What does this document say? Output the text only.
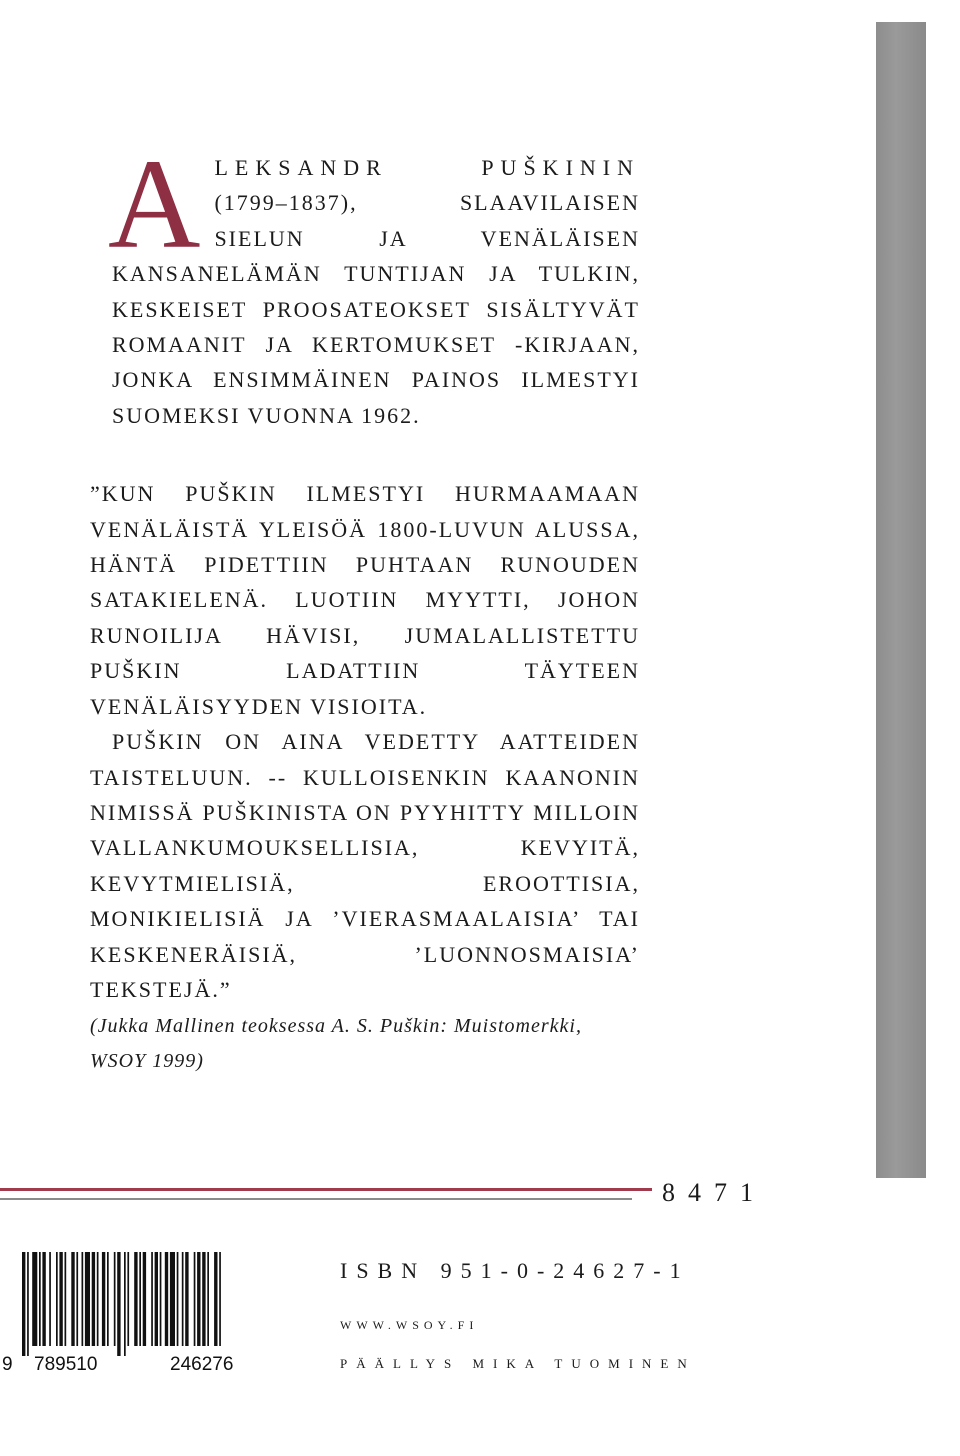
A LEKSANDR PUŠKININ (1799–1837), SLAAVILAISEN SIELUN JA VENÄLÄISEN KANSANELÄMÄN TUNTIJAN JA TULKIN, KESKEISET PROOSATEOKSET SISÄLTYVÄT ROMAANIT JA KERTOMUKSET -KIRJAAN, JONKA ENSIMMÄINEN PAINOS ILMESTYI SUOMEKSI VUONNA 1962.

”KUN PUŠKIN ILMESTYI HURMAAMAAN VENÄLÄISTÄ YLEISÖÄ 1800-LUVUN ALUSSA, HÄNTÄ PIDETTIIN PUHTAAN RUNOUDEN SATAKIELENÄ. LUOTIIN MYYTTI, JOHON RUNOILIJA HÄVISI, JUMALALLISTETTU PUŠKIN LADATTIIN TÄYTEEN VENÄLÄISYYDEN VISIOITA.

PUŠKIN ON AINA VEDETTY AATTEIDEN TAISTELUUN. -- KULLOISENKIN KAANONIN NIMISSÄ PUŠKINISTA ON PYYHITTY MILLOIN VALLANKUMOUKSELLISIA, KEVYITÄ, KEVYTMIELISIÄ, EROOTTISIA, MONIKIELISIÄ JA ’VIERASMAALAISIA’ TAI KESKENERÄISIÄ, ’LUONNOSMAISIA’ TEKSTEJÄ.”

(Jukka Mallinen teoksessa A. S. Puškin: Muistomerkki,
WSOY 1999)
8471
9 789510	246276
ISBN 951-0-24627-1
WWW.WSOY.FI
PÄÄLLYS MIKA TUOMINEN
